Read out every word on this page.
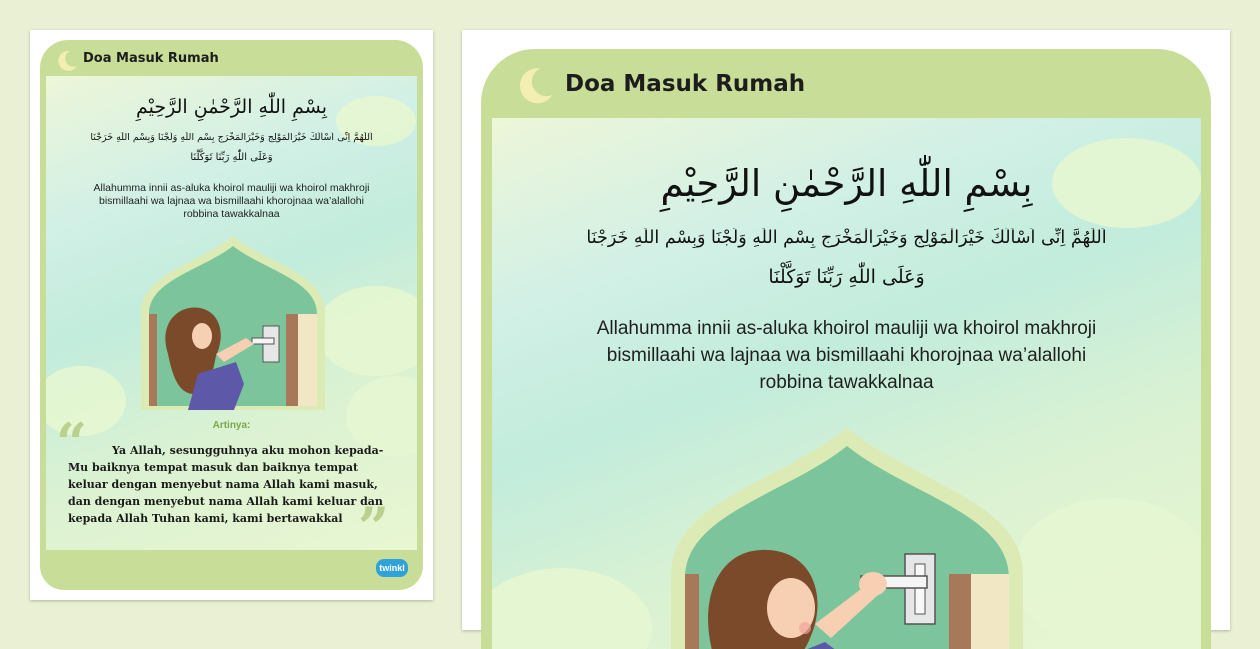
Doa Masuk Rumah
بِسْمِ اللّٰهِ الرَّحْمٰنِ الرَّحِيْمِ
اَللّٰهُمَّ اِنِّى اَسْأَلُكَ خَيْرَالْمَوْلِجِ وَخَيْرَالْمَخْرَجِ بِسْمِ اللّٰهِ وَلَجْنَا وَبِسْمِ اللّٰهِ خَرَجْنَا
وَعَلَى اللّٰهِ رَبِّنَا تَوَكَّلْنَا
Allahumma innii as-aluka khoirol mauliji wa khoirol makhroji
bismillaahi wa lajnaa wa bismillaahi khorojnaa wa’alallohi
robbina tawakkalnaa
Artinya:
“ Ya Allah, sesungguhnya aku mohon kepada-
Mu baiknya tempat masuk dan baiknya tempat
keluar dengan menyebut nama Allah kami masuk,
dan dengan menyebut nama Allah kami keluar dan
kepada Allah Tuhan kami, kami bertawakkal ”
twinkl
Doa Masuk Rumah
بِسْمِ اللّٰهِ الرَّحْمٰنِ الرَّحِيْمِ
اَللّٰهُمَّ اِنِّى اَسْأَلُكَ خَيْرَالْمَوْلِجِ وَخَيْرَالْمَخْرَجِ بِسْمِ اللّٰهِ وَلَجْنَا وَبِسْمِ اللّٰهِ خَرَجْنَا
وَعَلَى اللّٰهِ رَبِّنَا تَوَكَّلْنَا
Allahumma innii as-aluka khoirol mauliji wa khoirol makhroji
bismillaahi wa lajnaa wa bismillaahi khorojnaa wa’alallohi
robbina tawakkalnaa
